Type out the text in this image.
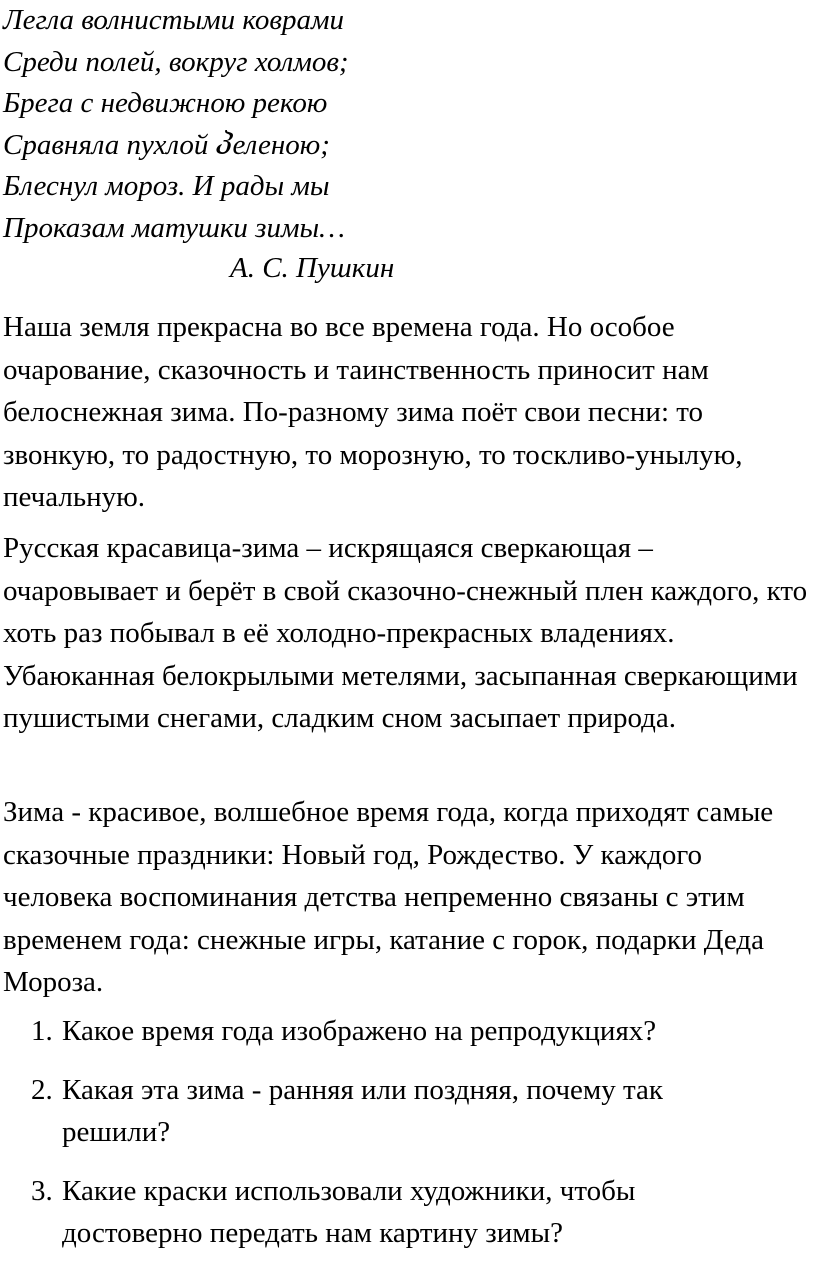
Легла волнистыми коврами
Среди полей, вокруг холмов;
Брега с недвижною рекою
Сравняла пухлой პеленою;
Блеснул мороз. И рады мы
Проказам матушки зимы…
А. С. Пушкин

Наша земля прекрасна во все времена года. Но особое очарование, сказочность и таинственность приносит нам белоснежная зима. По-разному зима поёт свои песни: то звонкую, то радостную, то морозную, то тоскливо-унылую, печальную.

Русская красавица-зима – искрящаяся сверкающая – очаровывает и берёт в свой сказочно-снежный плен каждого, кто хоть раз побывал в её холодно-прекрасных владениях. Убаюканная белокрылыми метелями, засыпанная сверкающими пушистыми снегами, сладким сном засыпает природа.

Зима - красивое, волшебное время года, когда приходят самые сказочные праздники: Новый год, Рождество. У каждого человека воспоминания детства непременно связаны с этим временем года: снежные игры, катание с горок, подарки Деда Мороза.

1. Какое время года изображено на репродукциях?
2. Какая эта зима - ранняя или поздняя, почему так решили?
3. Какие краски использовали художники, чтобы достоверно передать нам картину зимы?
